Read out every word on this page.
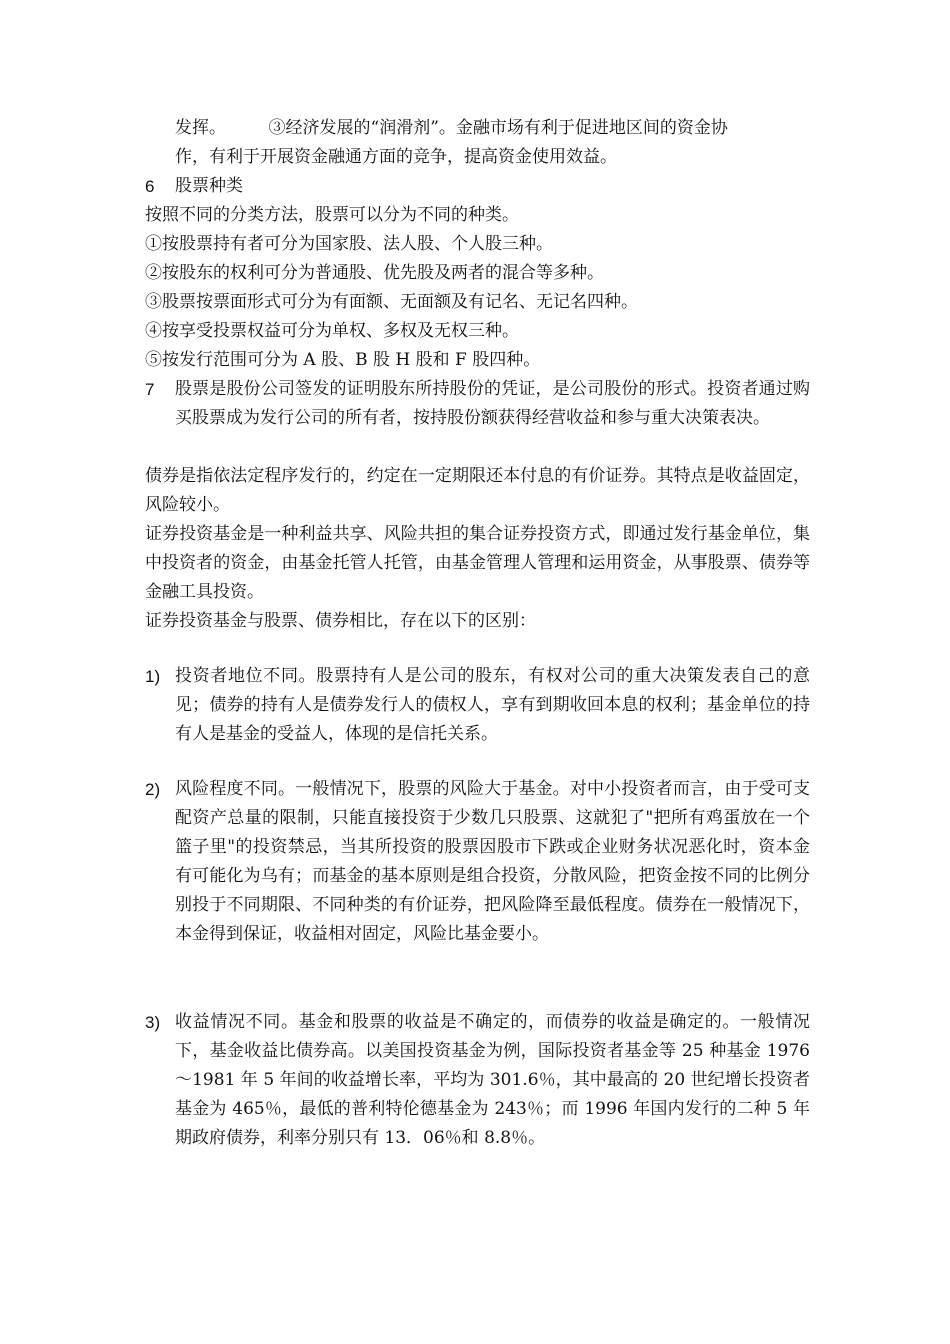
发挥。　　　③经济发展的“润滑剂”。金融市场有利于促进地区间的资金协

作，有利于开展资金融通方面的竞争，提高资金使用效益。

6	股票种类

按照不同的分类方法，股票可以分为不同的种类。

①按股票持有者可分为国家股、法人股、个人股三种。

②按股东的权利可分为普通股、优先股及两者的混合等多种。

③股票按票面形式可分为有面额、无面额及有记名、无记名四种。

④按享受投票权益可分为单权、多权及无权三种。

⑤按发行范围可分为 A 股、B 股 H 股和 F 股四种。

7	股票是股份公司签发的证明股东所持股份的凭证，是公司股份的形式。投资者通过购买股票成为发行公司的所有者，按持股份额获得经营收益和参与重大决策表决。

债券是指依法定程序发行的，约定在一定期限还本付息的有价证券。其特点是收益固定，风险较小。

证券投资基金是一种利益共享、风险共担的集合证券投资方式，即通过发行基金单位，集中投资者的资金，由基金托管人托管，由基金管理人管理和运用资金，从事股票、债券等金融工具投资。

证券投资基金与股票、债券相比，存在以下的区别：

1) 投资者地位不同。股票持有人是公司的股东，有权对公司的重大决策发表自己的意见；债券的持有人是债券发行人的债权人，享有到期收回本息的权利；基金单位的持有人是基金的受益人，体现的是信托关系。
2) 风险程度不同。一般情况下，股票的风险大于基金。对中小投资者而言，由于受可支配资产总量的限制，只能直接投资于少数几只股票、这就犯了"把所有鸡蛋放在一个篮子里"的投资禁忌，当其所投资的股票因股市下跌或企业财务状况恶化时，资本金有可能化为乌有；而基金的基本原则是组合投资，分散风险，把资金按不同的比例分别投于不同期限、不同种类的有价证券，把风险降至最低程度。债券在一般情况下，本金得到保证，收益相对固定，风险比基金要小。
3) 收益情况不同。基金和股票的收益是不确定的，而债券的收益是确定的。一般情况下，基金收益比债券高。以美国投资基金为例，国际投资者基金等 25 种基金 1976～1981 年 5 年间的收益增长率，平均为 301.6％，其中最高的 20 世纪增长投资者基金为 465％，最低的普利特伦德基金为 243％；而 1996 年国内发行的二种 5 年期政府债券，利率分别只有 13．06％和 8.8％。
